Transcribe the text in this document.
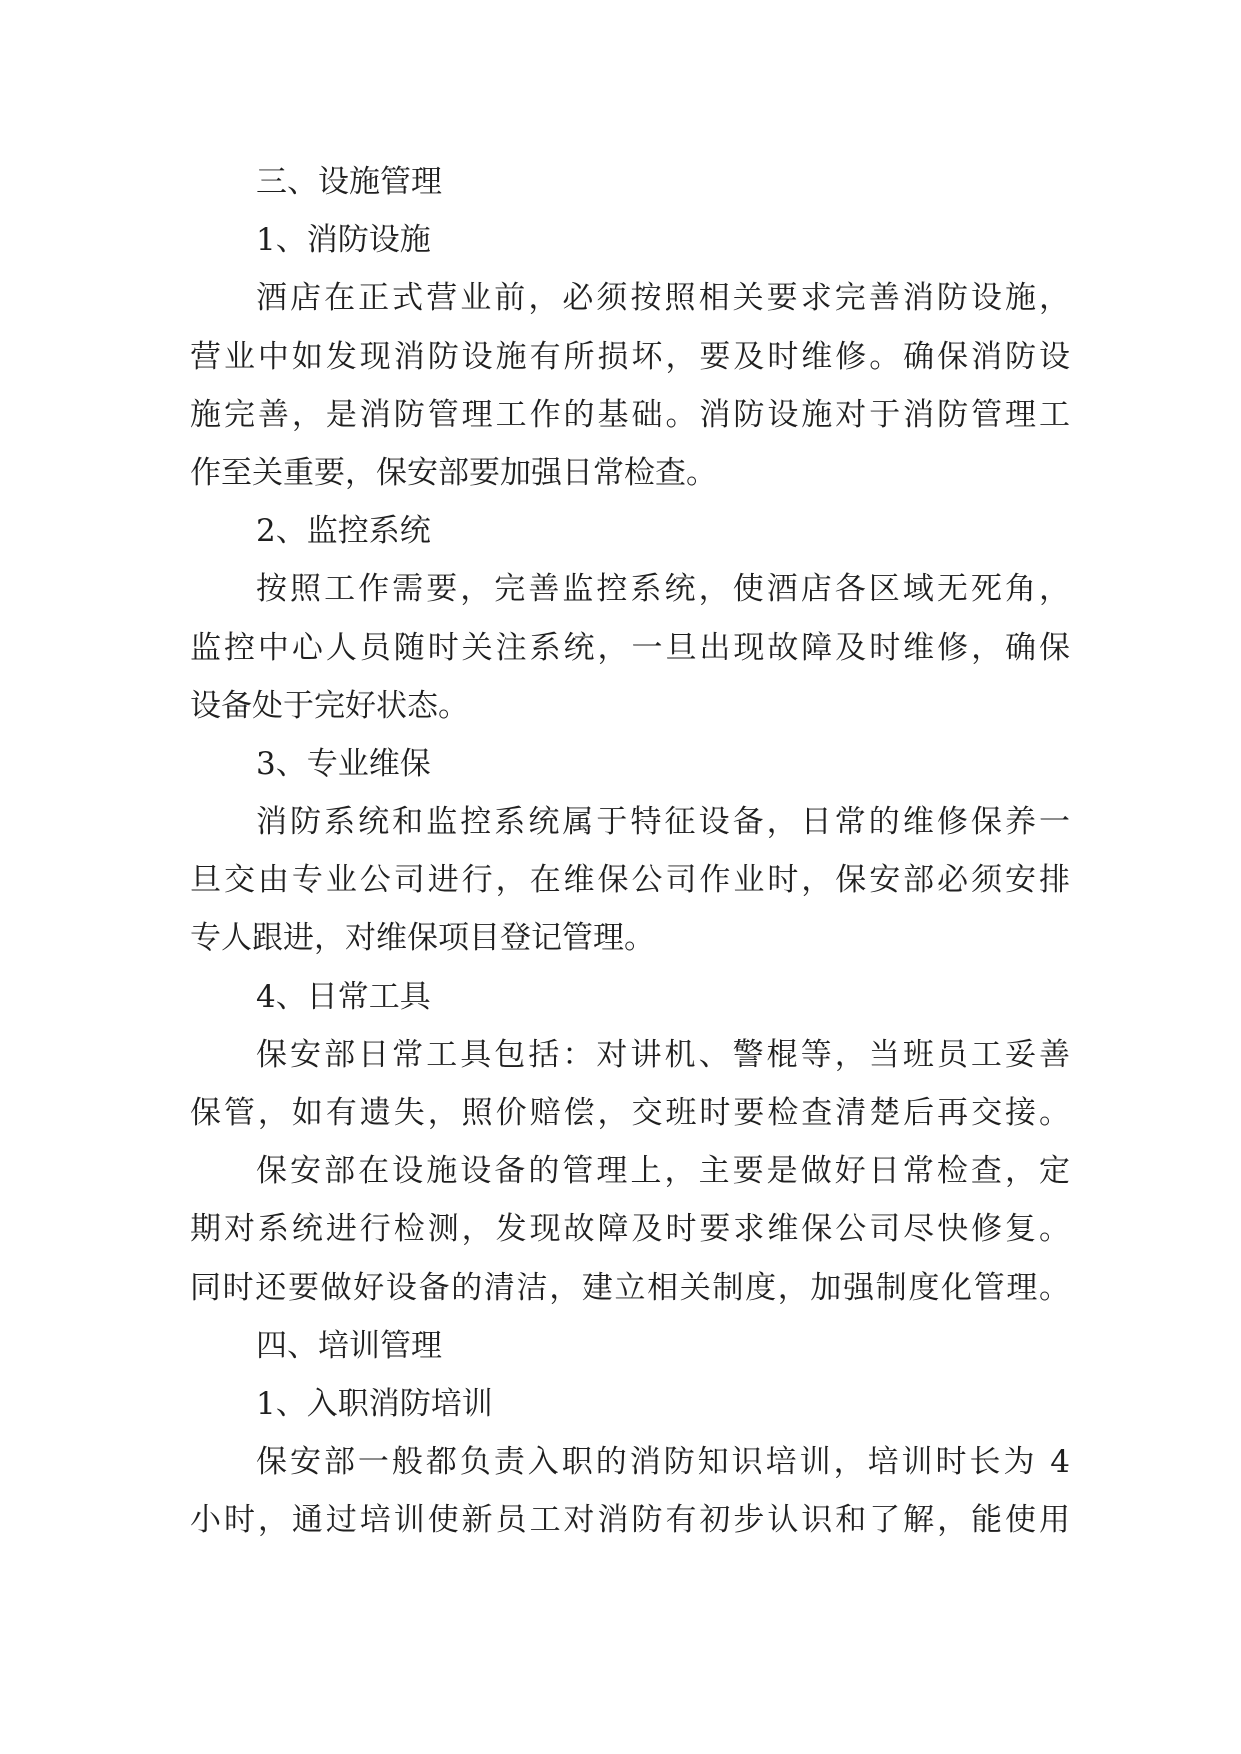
三、设施管理
1、消防设施
酒店在正式营业前，必须按照相关要求完善消防设施，
营业中如发现消防设施有所损坏，要及时维修。确保消防设
施完善，是消防管理工作的基础。消防设施对于消防管理工
作至关重要，保安部要加强日常检查。
2、监控系统
按照工作需要，完善监控系统，使酒店各区域无死角，
监控中心人员随时关注系统，一旦出现故障及时维修，确保
设备处于完好状态。
3、专业维保
消防系统和监控系统属于特征设备，日常的维修保养一
旦交由专业公司进行，在维保公司作业时，保安部必须安排
专人跟进，对维保项目登记管理。
4、日常工具
保安部日常工具包括：对讲机、警棍等，当班员工妥善
保管，如有遗失，照价赔偿，交班时要检查清楚后再交接。
保安部在设施设备的管理上，主要是做好日常检查，定
期对系统进行检测，发现故障及时要求维保公司尽快修复。
同时还要做好设备的清洁，建立相关制度，加强制度化管理。
四、培训管理
1、入职消防培训
保安部一般都负责入职的消防知识培训，培训时长为 4
小时，通过培训使新员工对消防有初步认识和了解，能使用
